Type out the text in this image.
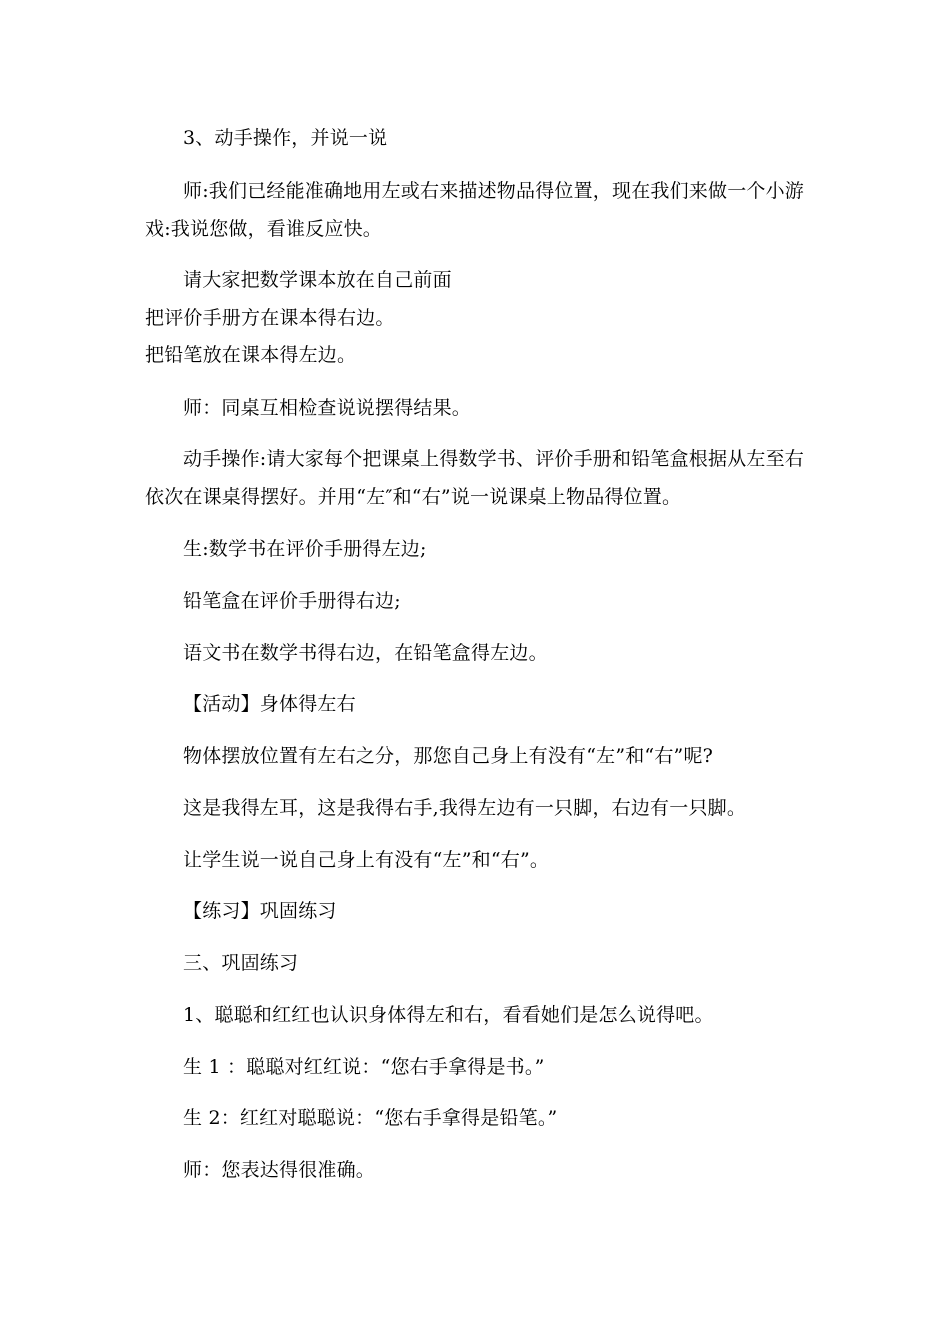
3、动手操作，并说一说
师:我们已经能准确地用左或右来描述物品得位置，现在我们来做一个小游
戏:我说您做，看谁反应快。
请大家把数学课本放在自己前面
把评价手册方在课本得右边。
把铅笔放在课本得左边。
师：同桌互相检查说说摆得结果。
动手操作:请大家每个把课桌上得数学书、评价手册和铅笔盒根据从左至右
依次在课桌得摆好。并用“左″和“右”说一说课桌上物品得位置。
生:数学书在评价手册得左边;
铅笔盒在评价手册得右边;
语文书在数学书得右边，在铅笔盒得左边。
【活动】身体得左右
物体摆放位置有左右之分，那您自己身上有没有“左”和“右”呢?
这是我得左耳，这是我得右手,我得左边有一只脚，右边有一只脚。
让学生说一说自己身上有没有“左”和“右”。
【练习】巩固练习
三、巩固练习
1、聪聪和红红也认识身体得左和右，看看她们是怎么说得吧。
生 1 ：聪聪对红红说：“您右手拿得是书。”
生 2：红红对聪聪说：“您右手拿得是铅笔。”
师：您表达得很准确。
